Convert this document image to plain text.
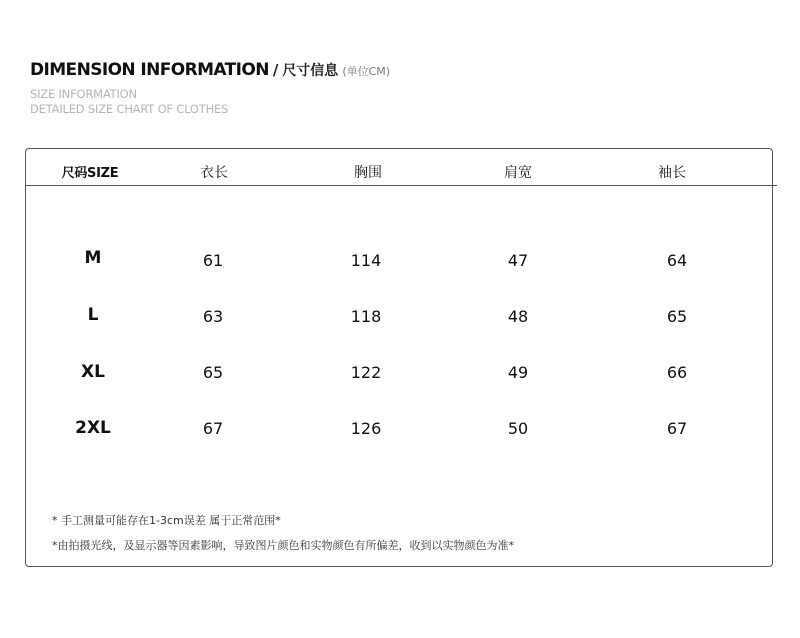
DIMENSION INFORMATION / 尺寸信息 (单位CM)
SIZE INFORMATION
DETAILED SIZE CHART OF CLOTHES
尺码SIZE	衣长	胸围	肩宽	袖长
M	61	114	47	64
L	63	118	48	65
XL	65	122	49	66
2XL	67	126	50	67
* 手工测量可能存在1-3cm误差 属于正常范围*
*由拍摄光线，及显示器等因素影响，导致图片颜色和实物颜色有所偏差，收到以实物颜色为准*
